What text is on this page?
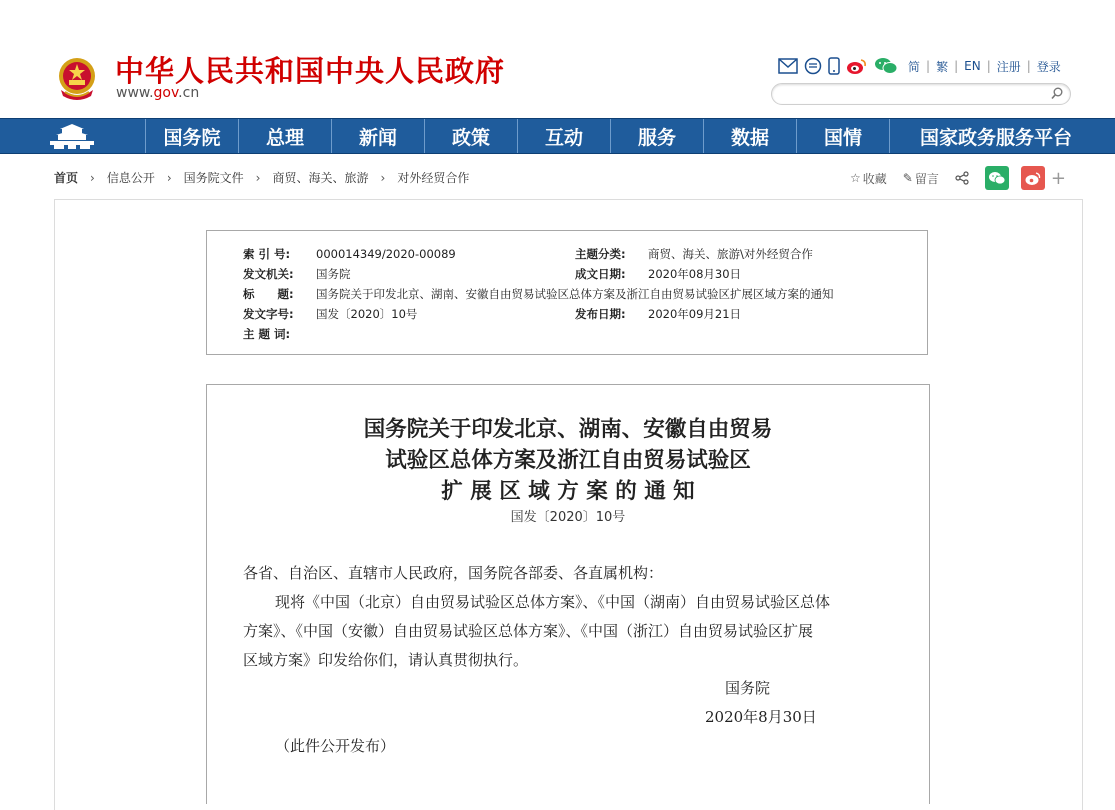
中华人民共和国中央人民政府
www.gov.cn
简 | 繁 | EN | 注册 | 登录
国务院	总理	新闻	政策	互动	服务	数据	国情	国家政务服务平台
首页 › 信息公开 › 国务院文件 › 商贸、海关、旅游 › 对外经贸合作	☆ 收藏 ✎ 留言	+
索 引 号: 000014349/2020-00089	主题分类: 商贸、海关、旅游\对外经贸合作
发文机关: 国务院	成文日期: 2020年08月30日
标　　题: 国务院关于印发北京、湖南、安徽自由贸易试验区总体方案及浙江自由贸易试验区扩展区域方案的通知
发文字号: 国发〔2020〕10号	发布日期: 2020年09月21日
主 题 词:
国务院关于印发北京、湖南、安徽自由贸易
试验区总体方案及浙江自由贸易试验区
扩 展 区 域 方 案 的 通 知
国发〔2020〕10号
各省、自治区、直辖市人民政府，国务院各部委、各直属机构：
现将《中国（北京）自由贸易试验区总体方案》、《中国（湖南）自由贸易试验区总体
方案》、《中国（安徽）自由贸易试验区总体方案》、《中国（浙江）自由贸易试验区扩展
区域方案》印发给你们，请认真贯彻执行。
国务院
2020年8月30日
（此件公开发布）
